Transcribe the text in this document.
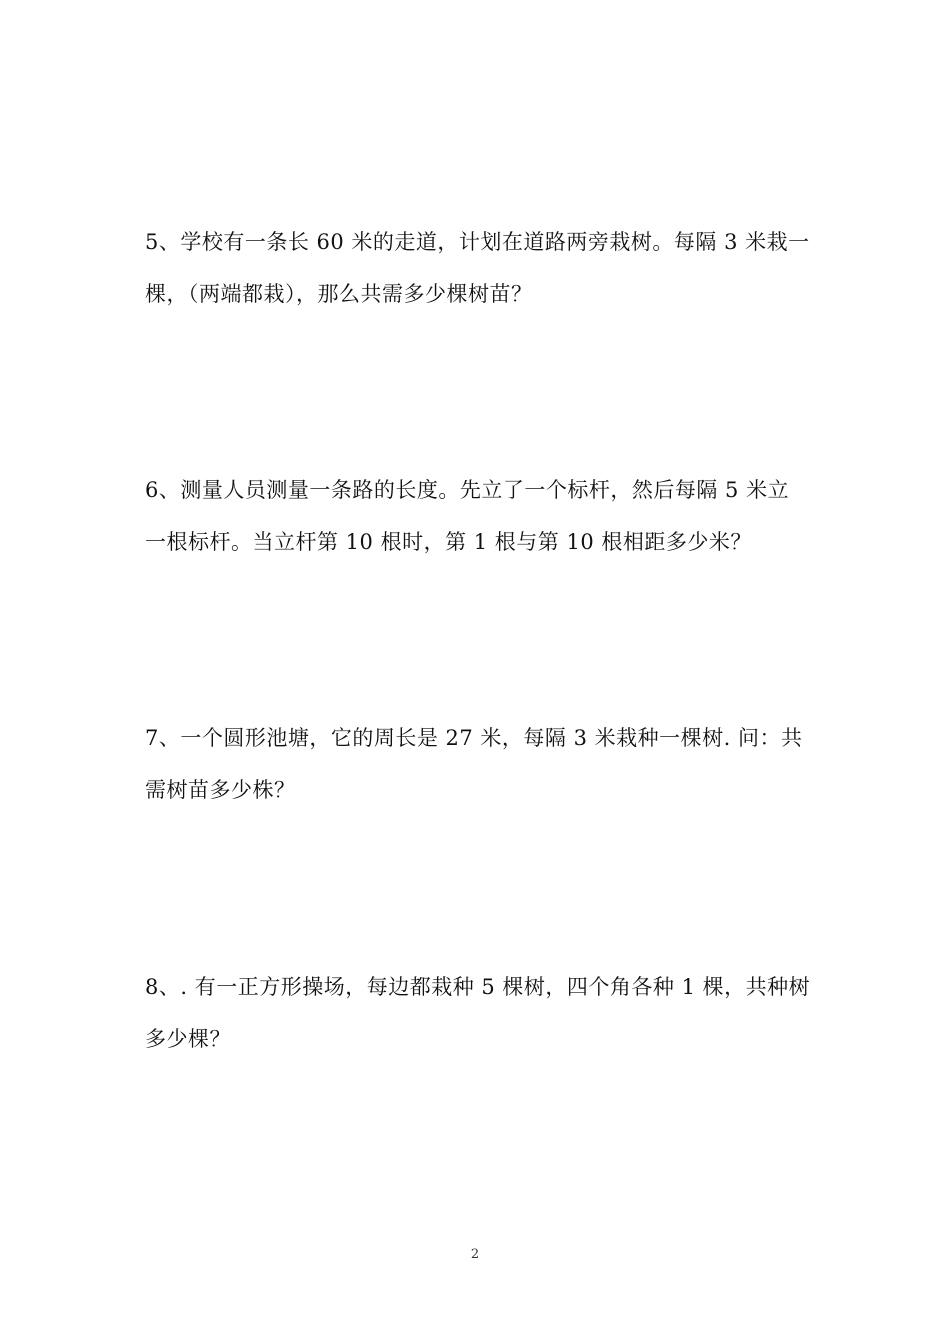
5、学校有一条长 60 米的走道，计划在道路两旁栽树。每隔 3 米栽一

棵，（两端都栽），那么共需多少棵树苗？

6、测量人员测量一条路的长度。先立了一个标杆，然后每隔 5 米立

一根标杆。当立杆第 10 根时，第 1 根与第 10 根相距多少米？

7、一个圆形池塘，它的周长是 27 米，每隔 3 米栽种一棵树. 问：共

需树苗多少株？

8、. 有一正方形操场，每边都栽种 5 棵树，四个角各种 1 棵，共种树

多少棵？

2
